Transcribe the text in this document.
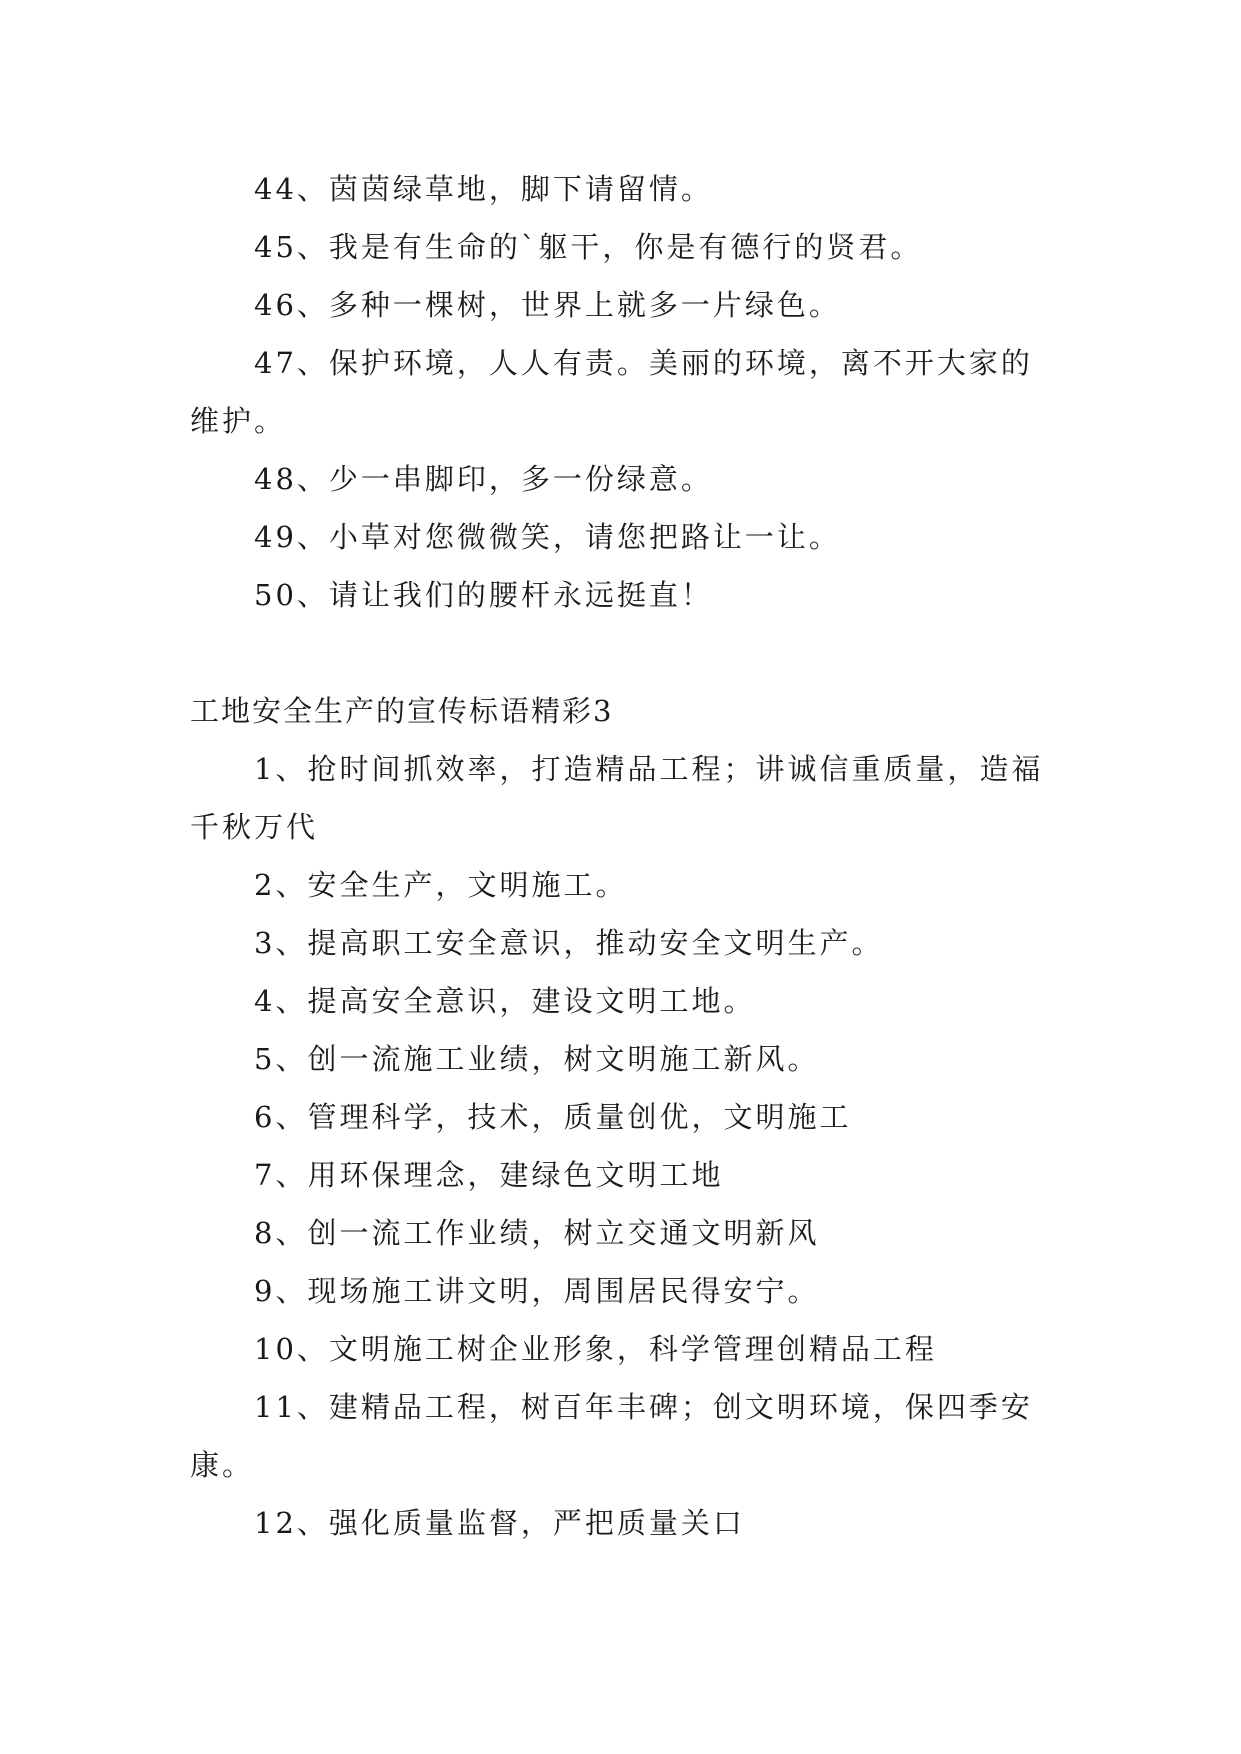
44、茵茵绿草地，脚下请留情。

45、我是有生命的`躯干，你是有德行的贤君。

46、多种一棵树，世界上就多一片绿色。

47、保护环境，人人有责。美丽的环境，离不开大家的维护。

48、少一串脚印，多一份绿意。

49、小草对您微微笑，请您把路让一让。

50、请让我们的腰杆永远挺直！

工地安全生产的宣传标语精彩3

1、抢时间抓效率，打造精品工程；讲诚信重质量，造福千秋万代

2、安全生产，文明施工。

3、提高职工安全意识，推动安全文明生产。

4、提高安全意识，建设文明工地。

5、创一流施工业绩，树文明施工新风。

6、管理科学，技术，质量创优，文明施工

7、用环保理念，建绿色文明工地

8、创一流工作业绩，树立交通文明新风

9、现场施工讲文明，周围居民得安宁。

10、文明施工树企业形象，科学管理创精品工程

11、建精品工程，树百年丰碑；创文明环境，保四季安康。

12、强化质量监督，严把质量关口
